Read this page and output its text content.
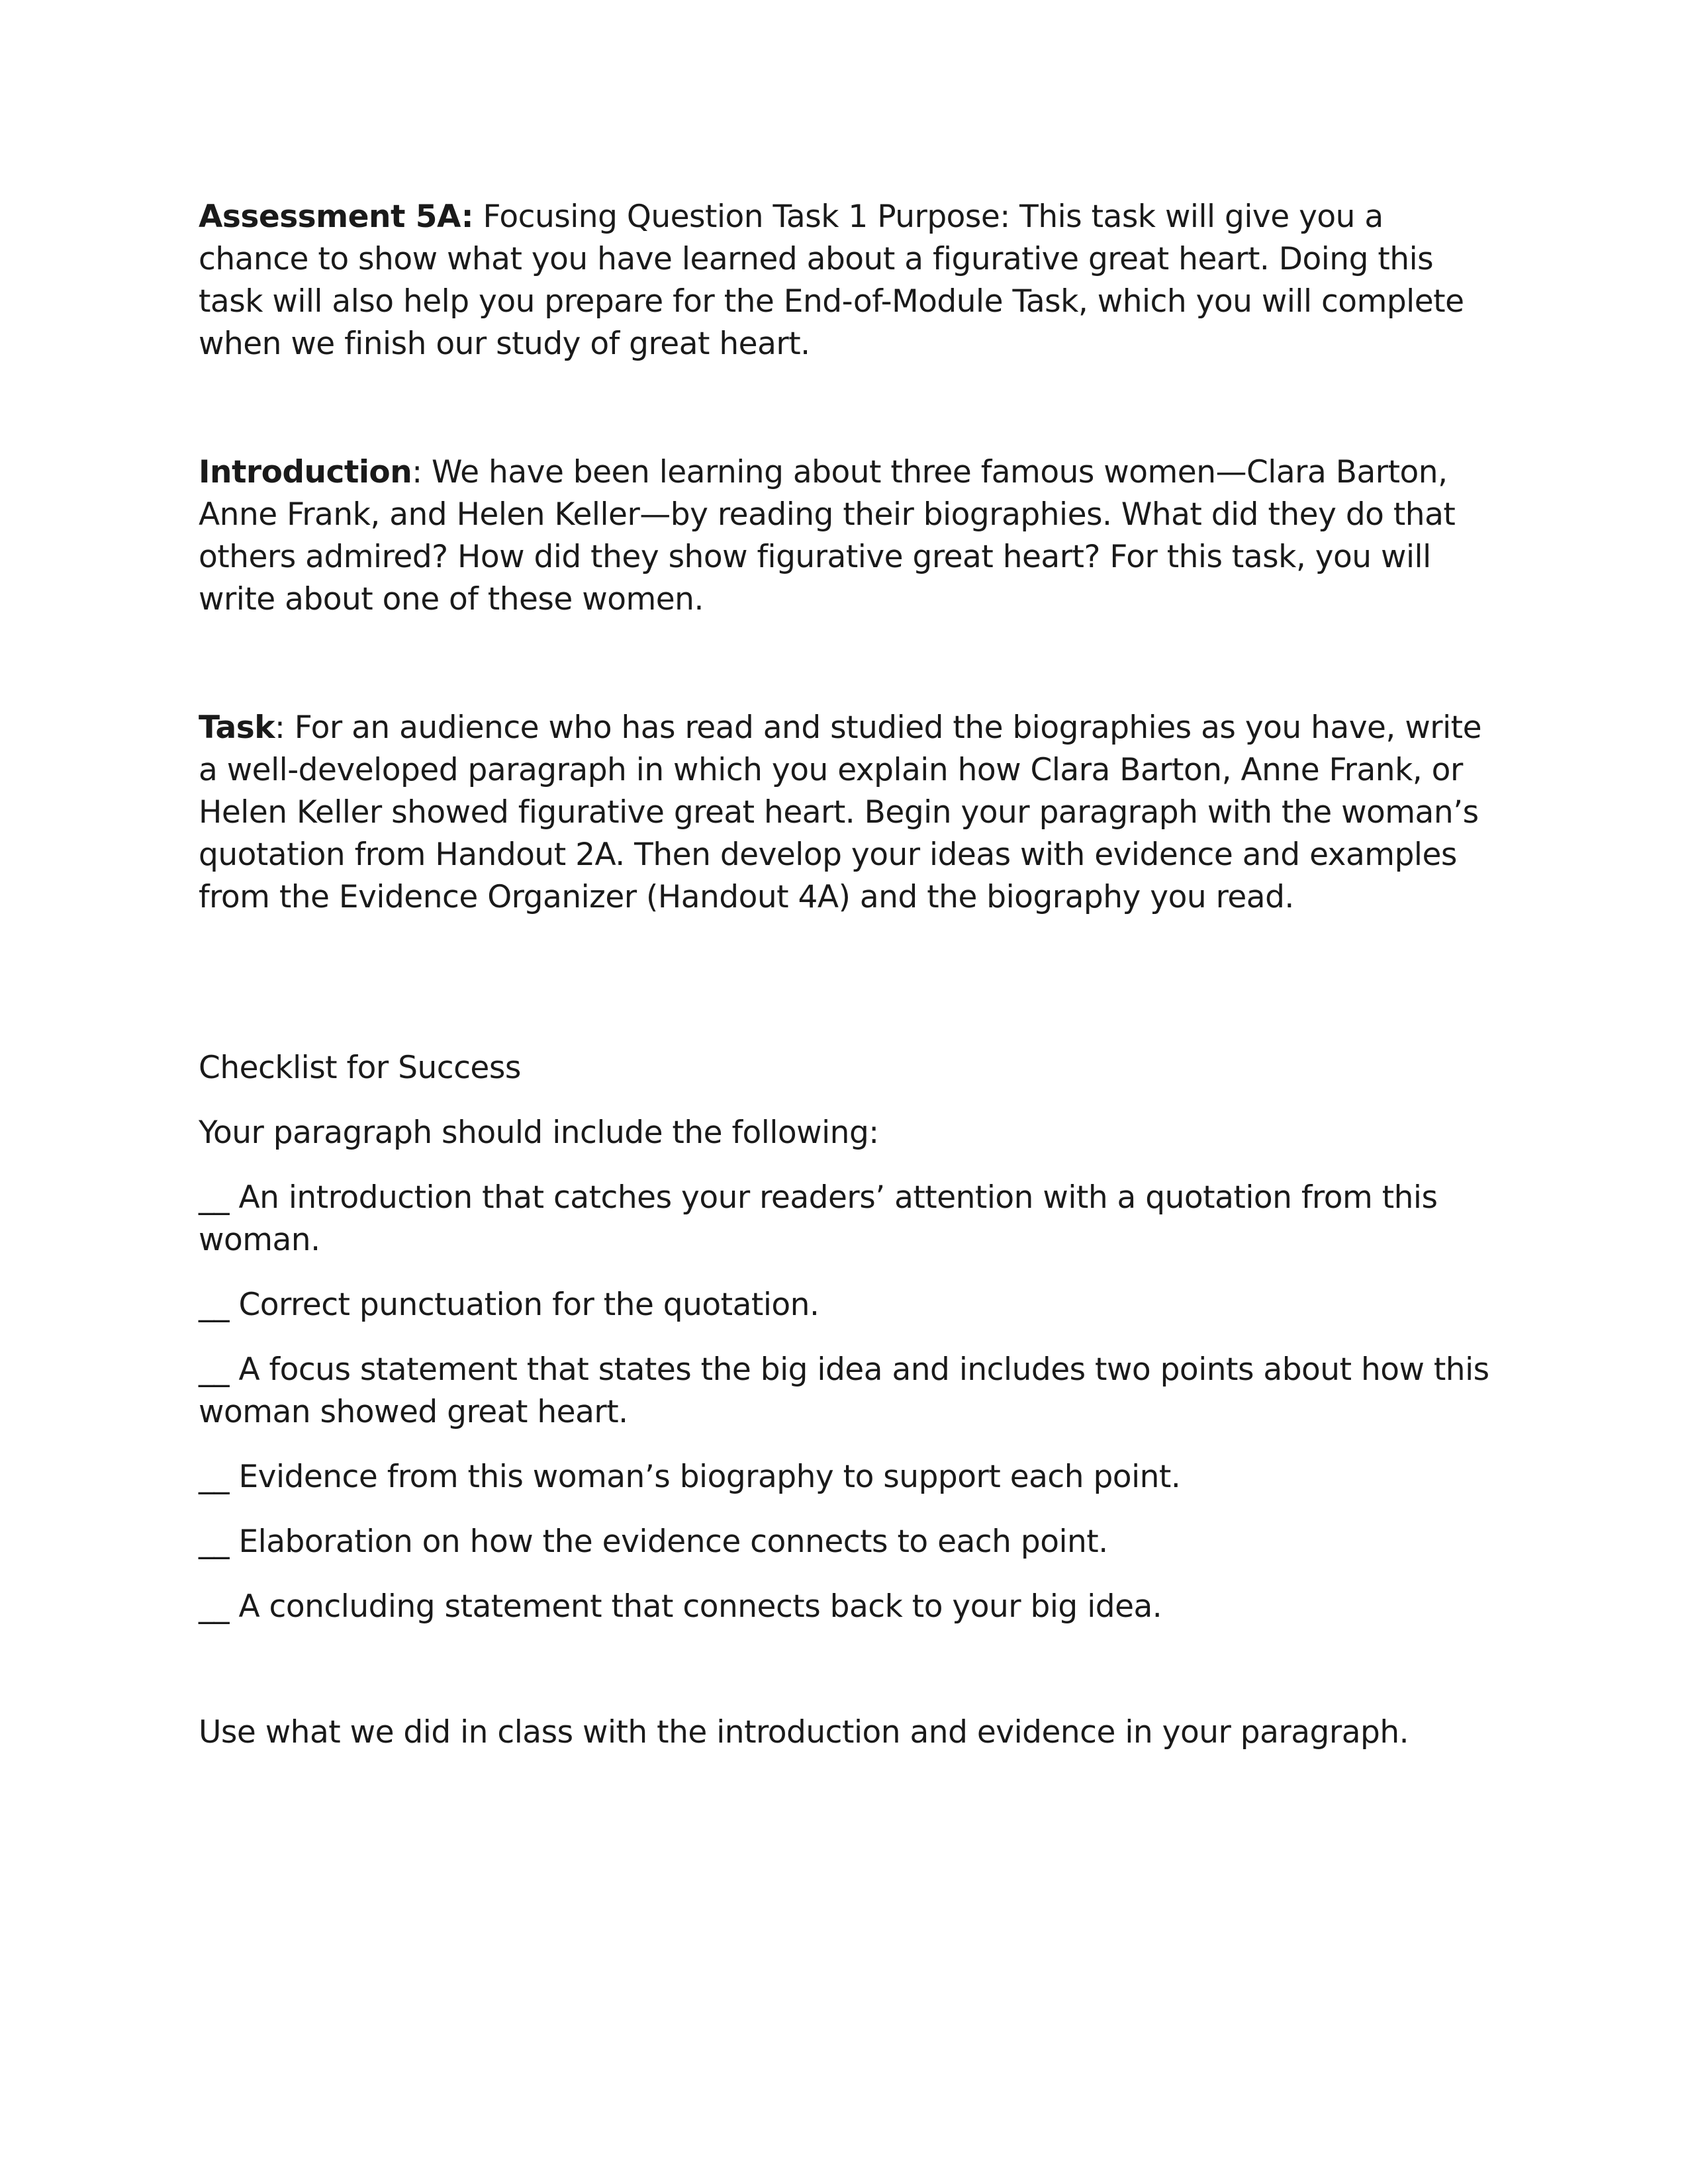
Assessment 5A: Focusing Question Task 1 Purpose: This task will give you a chance to show what you have learned about a figurative great heart. Doing this task will also help you prepare for the End-of-Module Task, which you will complete when we finish our study of great heart.

Introduction: We have been learning about three famous women—Clara Barton, Anne Frank, and Helen Keller—by reading their biographies. What did they do that others admired? How did they show figurative great heart? For this task, you will write about one of these women.

Task: For an audience who has read and studied the biographies as you have, write a well-developed paragraph in which you explain how Clara Barton, Anne Frank, or Helen Keller showed figurative great heart. Begin your paragraph with the woman’s quotation from Handout 2A. Then develop your ideas with evidence and examples from the Evidence Organizer (Handout 4A) and the biography you read.

Checklist for Success

Your paragraph should include the following:

__ An introduction that catches your readers’ attention with a quotation from this woman.
__ Correct punctuation for the quotation.
__ A focus statement that states the big idea and includes two points about how this woman showed great heart.
__ Evidence from this woman’s biography to support each point.
__ Elaboration on how the evidence connects to each point.
__ A concluding statement that connects back to your big idea.

Use what we did in class with the introduction and evidence in your paragraph.
